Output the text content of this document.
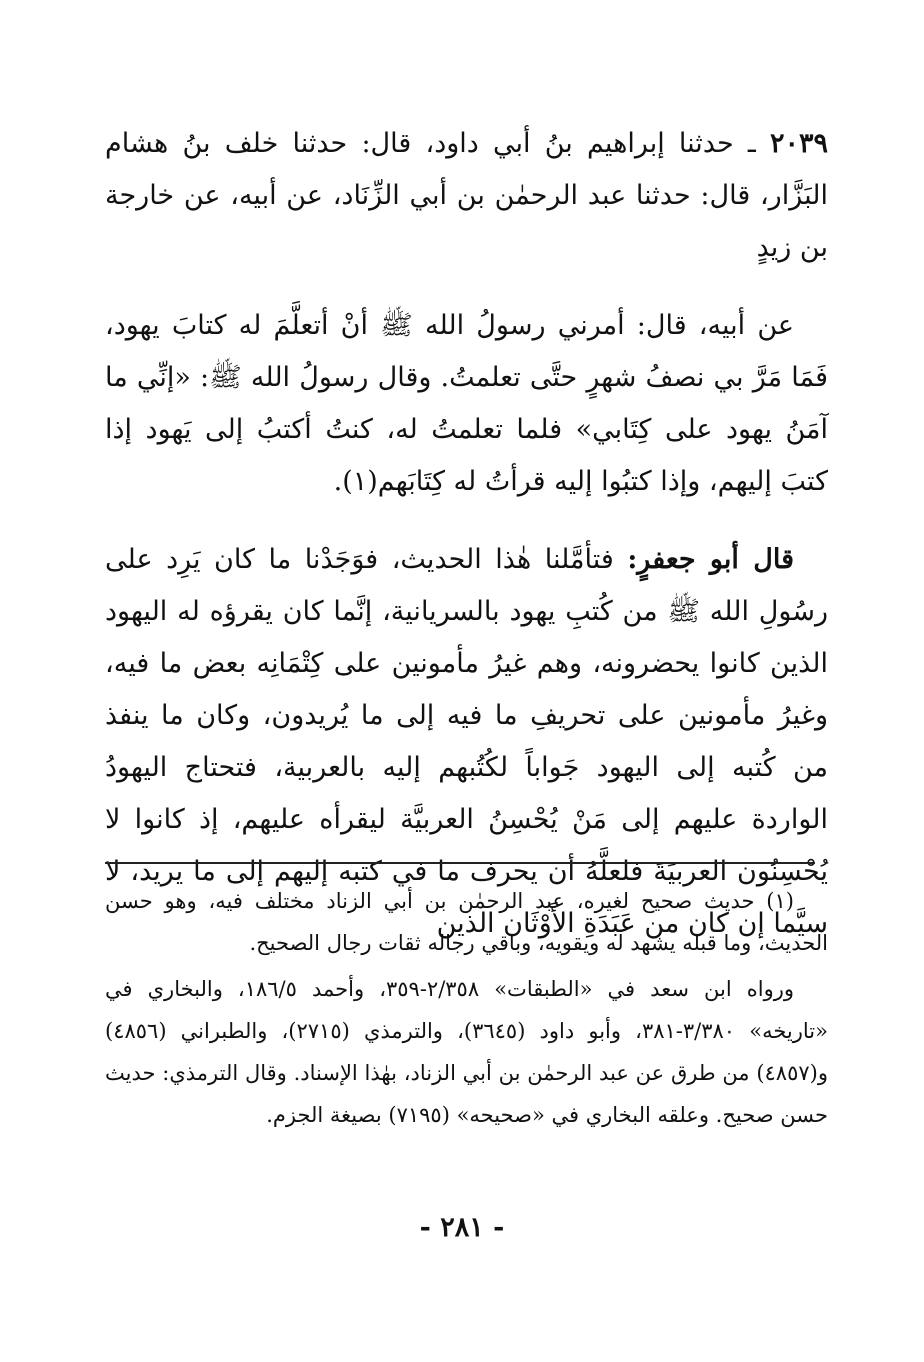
٢٠٣٩ ـ حدثنا إبراهيم بنُ أبي داود، قال: حدثنا خلف بنُ هشام البَزَّار، قال: حدثنا عبد الرحمٰن بن أبي الزِّنَاد، عن أبيه، عن خارجة بن زيدٍ

عن أبيه، قال: أمرني رسولُ الله ﷺ أنْ أتعلَّمَ له كتابَ يهود، فَمَا مَرَّ بي نصفُ شهرٍ حتَّى تعلمتُ. وقال رسولُ الله ﷺ: «إنِّي ما آمَنُ يهود على كِتَابي» فلما تعلمتُ له، كنتُ أكتبُ إلى يَهود إذا كتبَ إليهم، وإذا كتبُوا إليه قرأتُ له كِتَابَهم(١).

قال أبو جعفرٍ: فتأمَّلنا هٰذا الحديث، فوَجَدْنا ما كان يَرِد على رسُولِ الله ﷺ من كُتبِ يهود بالسريانية، إنَّما كان يقرؤه له اليهود الذين كانوا يحضرونه، وهم غيرُ مأمونين على كِتْمَانِه بعض ما فيه، وغيرُ مأمونين على تحريفِ ما فيه إلى ما يُريدون، وكان ما ينفذ من كُتبه إلى اليهود جَواباً لكُتُبهم إليه بالعربية، فتحتاج اليهودُ الواردة عليهم إلى مَنْ يُحْسِنُ العربيَّة ليقرأه عليهم، إذ كانوا لا يُحْسِنُون العربيَةَ فلعلَّهُ أن يحرف ما في كتبه إليهم إلى ما يريد، لا سيَّما إن كان من عَبَدَةِ الأَوْثَان الذين

(١) حديث صحيح لغيره، عبد الرحمٰن بن أبي الزناد مختلف فيه، وهو حسن الحديث، وما قبله يشهد له ويقويه، وباقي رجاله ثقات رجال الصحيح.

ورواه ابن سعد في «الطبقات» ٢/٣٥٨-٣٥٩، وأحمد ١٨٦/٥، والبخاري في «تاريخه» ٣/٣٨٠-٣٨١، وأبو داود (٣٦٤٥)، والترمذي (٢٧١٥)، والطبراني (٤٨٥٦) و(٤٨٥٧) من طرق عن عبد الرحمٰن بن أبي الزناد، بهٰذا الإسناد. وقال الترمذي: حديث حسن صحيح. وعلقه البخاري في «صحيحه» (٧١٩٥) بصيغة الجزم.

- ٢٨١ -
